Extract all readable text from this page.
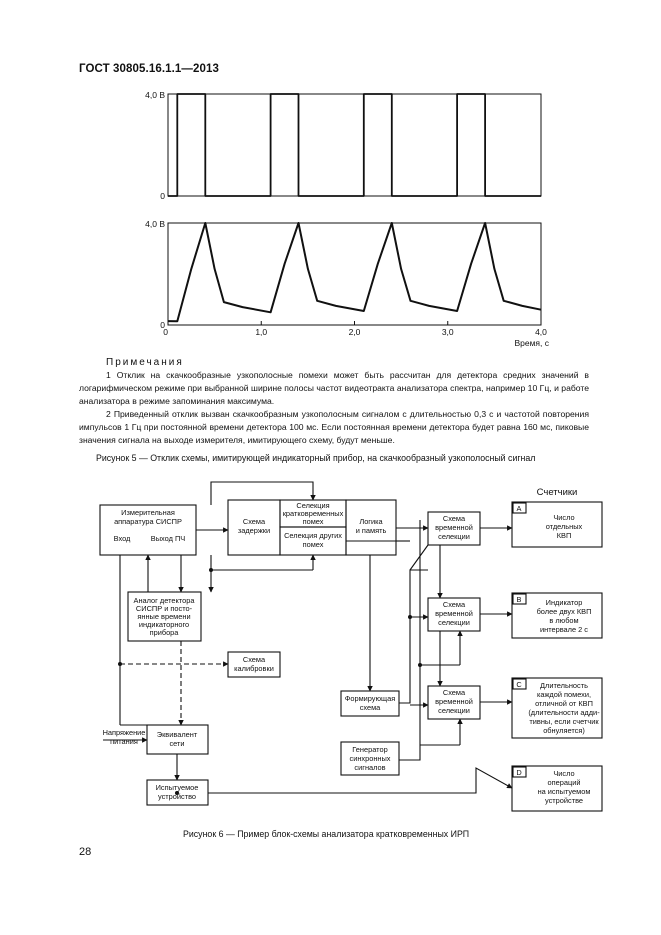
ГОСТ 30805.16.1.1—2013
4,0 В
0
4,0 В
0
0	1,0	2,0	3,0	4,0
Время, с
Примечания
1 Отклик на скачкообразные узкополосные помехи может быть рассчитан для детектора средних значений в логарифмическом режиме при выбранной ширине полосы частот видеотракта анализатора спектра, например 10 Гц, и работе анализатора в режиме запоминания максимума.
2 Приведенный отклик вызван скачкообразным узкополосным сигналом с длительностью 0,3 с и частотой повторения импульсов 1 Гц при постоянной времени детектора 100 мс. Если постоянная времени детектора будет равна 160 мс, пиковые значения сигнала на выходе измерителя, имитирующего схему, будут меньше.
Рисунок 5 — Отклик схемы, имитирующей индикаторный прибор, на скачкообразный узкополосный сигнал
Счетчики
Измерительная
аппаратура СИСПР
Вход	Выход ПЧ
Схема
задержки
Селекция
кратковременных
помех
Селекция других
помех
Логика
и память
Схема
временной
селекции
Схема
временной
селекции
Схема
временной
селекции
A
Число
отдельных
КВП
B	Индикатор
более двух КВП
в любом
интервале 2 с
C Длительность
каждой помехи,
отличной от КВП
(длительности адди-
тивны, если счетчик
обнуляется)
D	Число
операций
на испытуемом
устройстве
Аналог детектора
СИСПР и посто-
янные времени
индикаторного
прибора
Схема
калибровки
Формирующая
схема
Генератор
синхронных
сигналов
Напряжение
питания
Эквивалент
сети
Испытуемое
устройство
Рисунок 6 — Пример блок-схемы анализатора кратковременных ИРП
28
